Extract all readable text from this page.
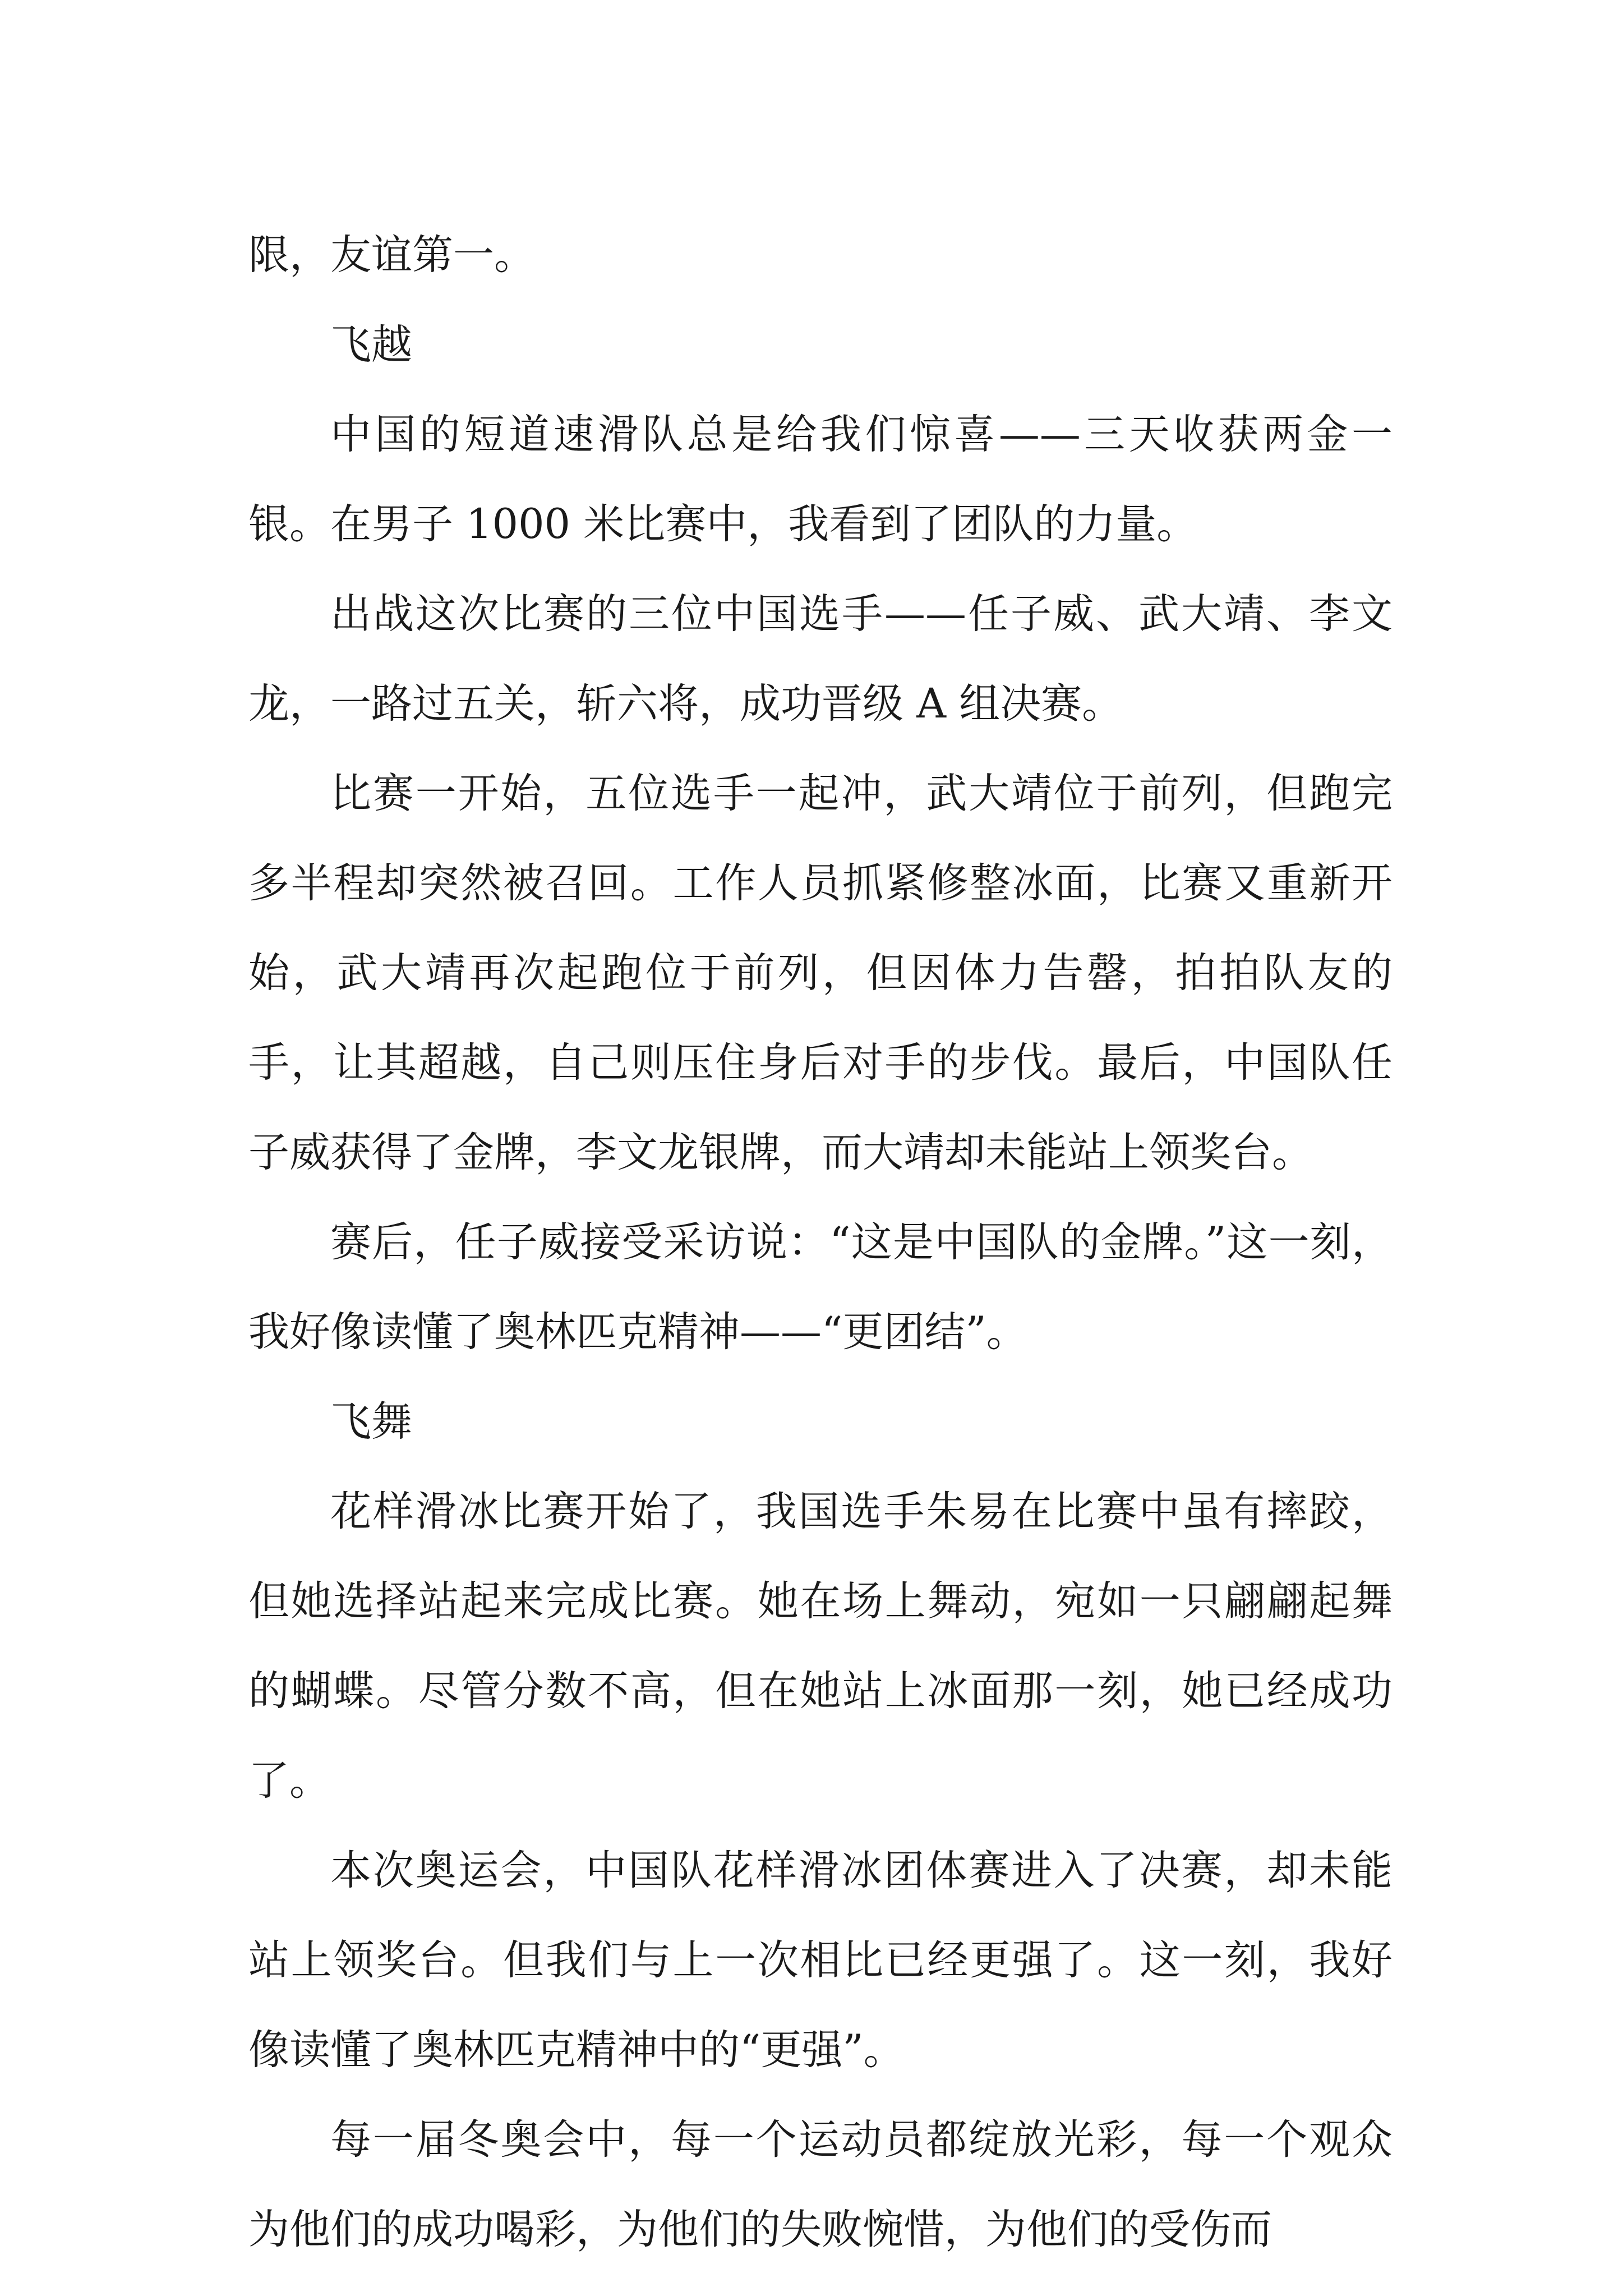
限，友谊第一。

飞越

中国的短道速滑队总是给我们惊喜——三天收获两金一银。在男子 1000 米比赛中，我看到了团队的力量。

出战这次比赛的三位中国选手——任子威、武大靖、李文龙，一路过五关，斩六将，成功晋级 A 组决赛。

比赛一开始，五位选手一起冲，武大靖位于前列，但跑完多半程却突然被召回。工作人员抓紧修整冰面，比赛又重新开始，武大靖再次起跑位于前列，但因体力告罄，拍拍队友的手，让其超越，自己则压住身后对手的步伐。最后，中国队任子威获得了金牌，李文龙银牌，而大靖却未能站上领奖台。

赛后，任子威接受采访说：“这是中国队的金牌。”这一刻，我好像读懂了奥林匹克精神——“更团结”。

飞舞

花样滑冰比赛开始了，我国选手朱易在比赛中虽有摔跤，但她选择站起来完成比赛。她在场上舞动，宛如一只翩翩起舞的蝴蝶。尽管分数不高，但在她站上冰面那一刻，她已经成功了。

本次奥运会，中国队花样滑冰团体赛进入了决赛，却未能站上领奖台。但我们与上一次相比已经更强了。这一刻，我好像读懂了奥林匹克精神中的“更强”。

每一届冬奥会中，每一个运动员都绽放光彩，每一个观众为他们的成功喝彩，为他们的失败惋惜，为他们的受伤而
